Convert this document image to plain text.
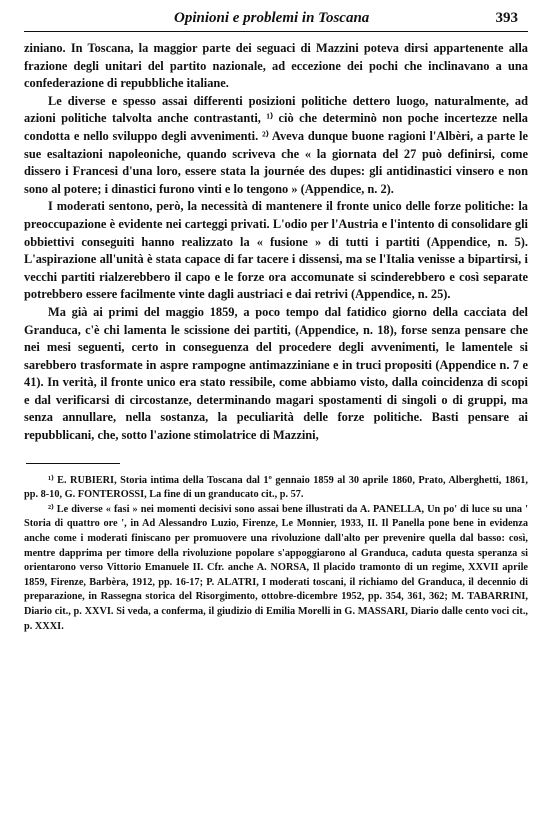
Opinioni e problemi in Toscana	393

ziniano. In Toscana, la maggior parte dei seguaci di Mazzini poteva dirsi appartenente alla frazione degli unitari del partito nazionale, ad eccezione dei pochi che inclinavano a una confederazione di repubbliche italiane.

Le diverse e spesso assai differenti posizioni politiche dettero luogo, naturalmente, ad azioni politiche talvolta anche contrastanti, ¹⁾ ciò che determinò non poche incertezze nella condotta e nello sviluppo degli avvenimenti. ²⁾ Aveva dunque buone ragioni l'Albèri, a parte le sue esaltazioni napoleoniche, quando scriveva che « la giornata del 27 può definirsi, come dissero i Francesi d'una loro, essere stata la journée des dupes: gli antidinastici vinsero e non sono al potere; i dinastici furono vinti e lo tengono » (Appendice, n. 2).

I moderati sentono, però, la necessità di mantenere il fronte unico delle forze politiche: la preoccupazione è evidente nei carteggi privati. L'odio per l'Austria e l'intento di consolidare gli obbiettivi conseguiti hanno realizzato la « fusione » di tutti i partiti (Appendice, n. 5). L'aspirazione all'unità è stata capace di far tacere i dissensi, ma se l'Italia venisse a bipartirsi, i vecchi partiti rialzerebbero il capo e le forze ora accomunate si scinderebbero e così separate potrebbero essere facilmente vinte dagli austriaci e dai retrivi (Appendice, n. 25).

Ma già ai primi del maggio 1859, a poco tempo dal fatidico giorno della cacciata del Granduca, c'è chi lamenta le scissione dei partiti, (Appendice, n. 18), forse senza pensare che nei mesi seguenti, certo in conseguenza del procedere degli avvenimenti, le lamentele si sarebbero trasformate in aspre rampogne antimazziniane e in truci propositi (Appendice n. 7 e 41). In verità, il fronte unico era stato ressibile, come abbiamo visto, dalla coincidenza di scopi e dal verificarsi di circostanze, determinando magari spostamenti di singoli o di gruppi, ma senza annullare, nella sostanza, la peculiarità delle forze politiche. Basti pensare ai repubblicani, che, sotto l'azione stimolatrice di Mazzini,

¹⁾ E. RUBIERI, Storia intima della Toscana dal 1º gennaio 1859 al 30 aprile 1860, Prato, Alberghetti, 1861, pp. 8-10, G. FONTEROSSI, La fine di un granducato cit., p. 57.

²⁾ Le diverse « fasi » nei momenti decisivi sono assai bene illustrati da A. PANELLA, Un po' di luce su una ' Storia di quattro ore ', in Ad Alessandro Luzio, Firenze, Le Monnier, 1933, II. Il Panella pone bene in evidenza anche come i moderati finiscano per promuovere una rivoluzione dall'alto per prevenire quella dal basso: così, mentre dapprima per timore della rivoluzione popolare s'appoggiarono al Granduca, caduta questa speranza si orientarono verso Vittorio Emanuele II. Cfr. anche A. NORSA, Il placido tramonto di un regime, XXVII aprile 1859, Firenze, Barbèra, 1912, pp. 16-17; P. ALATRI, I moderati toscani, il richiamo del Granduca, il decennio di preparazione, in Rassegna storica del Risorgimento, ottobre-dicembre 1952, pp. 354, 361, 362; M. TABARRINI, Diario cit., p. XXVI. Si veda, a conferma, il giudizio di Emilia Morelli in G. MASSARI, Diario dalle cento voci cit., p. XXXI.
